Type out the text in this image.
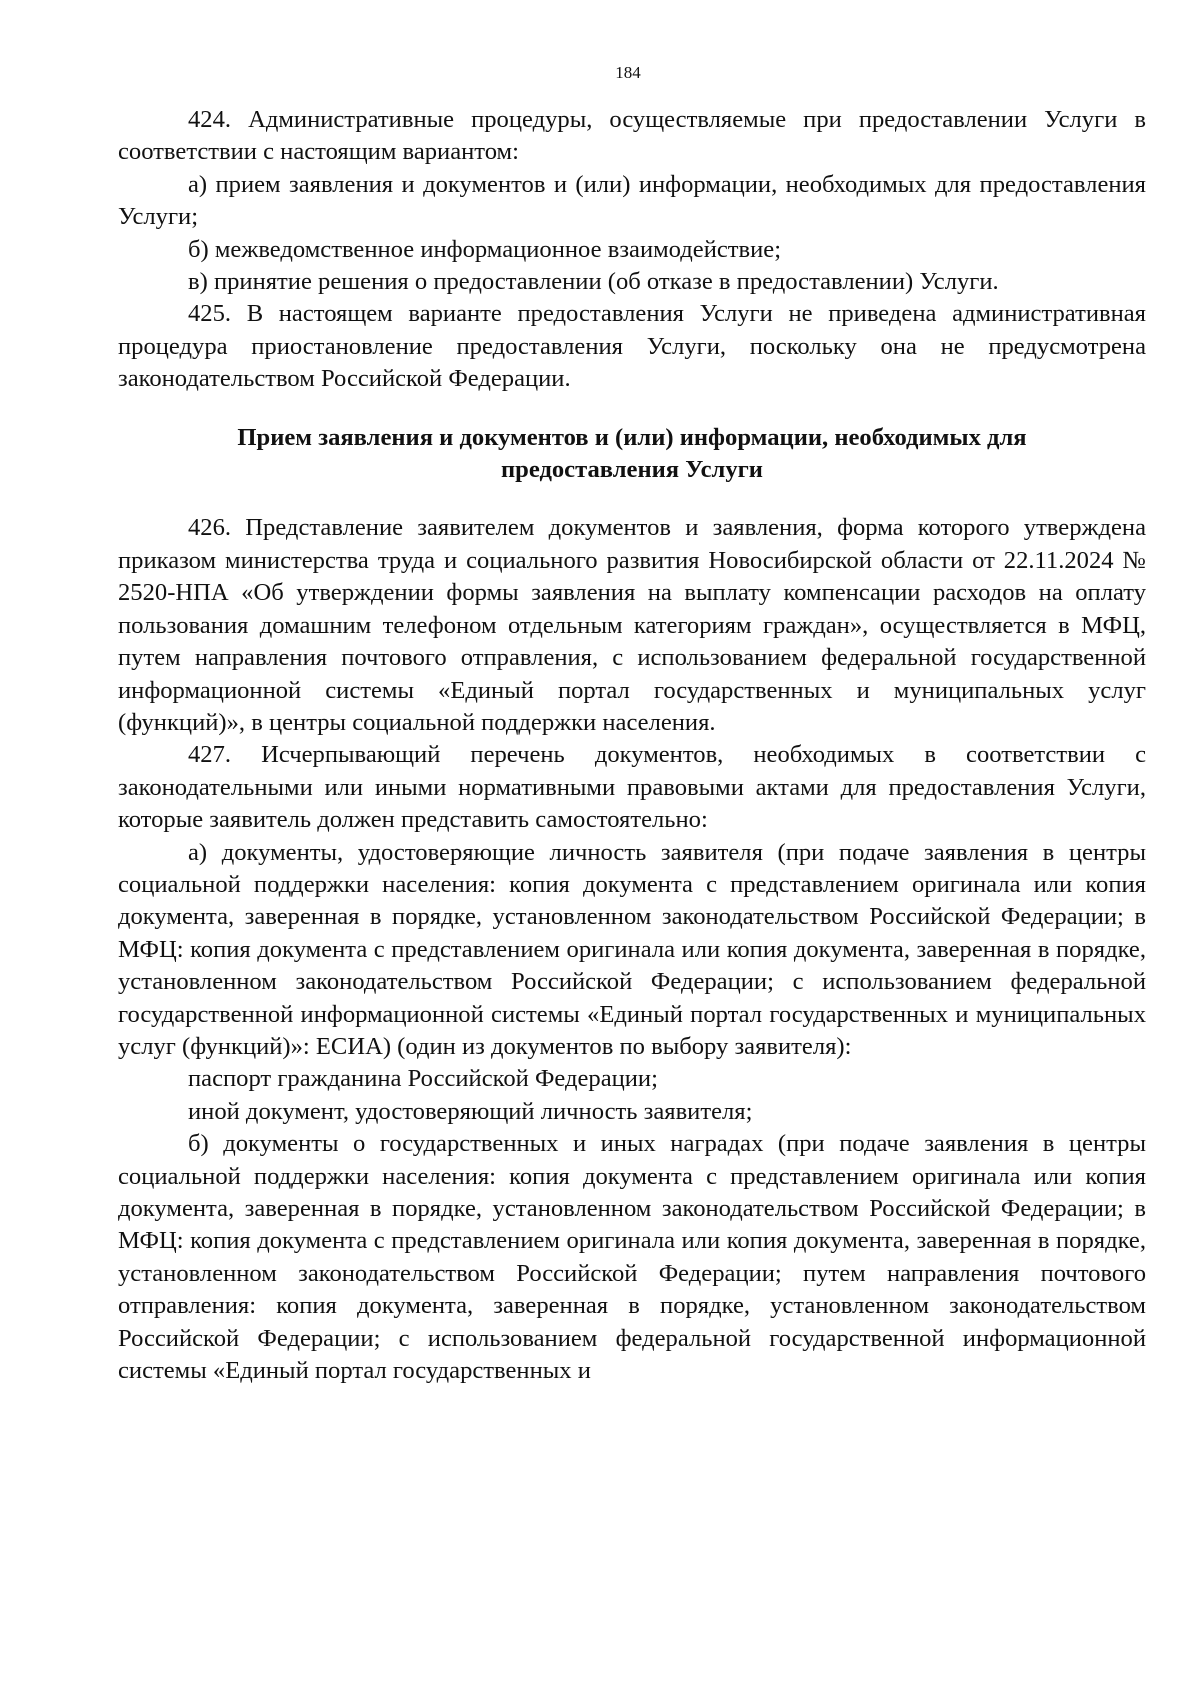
184

424. Административные процедуры, осуществляемые при предоставлении Услуги в соответствии с настоящим вариантом:

а) прием заявления и документов и (или) информации, необходимых для предоставления Услуги;

б) межведомственное информационное взаимодействие;

в) принятие решения о предоставлении (об отказе в предоставлении) Услуги.

425. В настоящем варианте предоставления Услуги не приведена административная процедура приостановление предоставления Услуги, поскольку она не предусмотрена законодательством Российской Федерации.

Прием заявления и документов и (или) информации, необходимых для предоставления Услуги

426. Представление заявителем документов и заявления, форма которого утверждена приказом министерства труда и социального развития Новосибирской области от 22.11.2024 № 2520-НПА «Об утверждении формы заявления на выплату компенсации расходов на оплату пользования домашним телефоном отдельным категориям граждан», осуществляется в МФЦ, путем направления почтового отправления, с использованием федеральной государственной информационной системы «Единый портал государственных и муниципальных услуг (функций)», в центры социальной поддержки населения.

427. Исчерпывающий перечень документов, необходимых в соответствии с законодательными или иными нормативными правовыми актами для предоставления Услуги, которые заявитель должен представить самостоятельно:

а) документы, удостоверяющие личность заявителя (при подаче заявления в центры социальной поддержки населения: копия документа с представлением оригинала или копия документа, заверенная в порядке, установленном законодательством Российской Федерации; в МФЦ: копия документа с представлением оригинала или копия документа, заверенная в порядке, установленном законодательством Российской Федерации; с использованием федеральной государственной информационной системы «Единый портал государственных и муниципальных услуг (функций)»: ЕСИА) (один из документов по выбору заявителя):

паспорт гражданина Российской Федерации;

иной документ, удостоверяющий личность заявителя;

б) документы о государственных и иных наградах (при подаче заявления в центры социальной поддержки населения: копия документа с представлением оригинала или копия документа, заверенная в порядке, установленном законодательством Российской Федерации; в МФЦ: копия документа с представлением оригинала или копия документа, заверенная в порядке, установленном законодательством Российской Федерации; путем направления почтового отправления: копия документа, заверенная в порядке, установленном законодательством Российской Федерации; с использованием федеральной государственной информационной системы «Единый портал государственных и
